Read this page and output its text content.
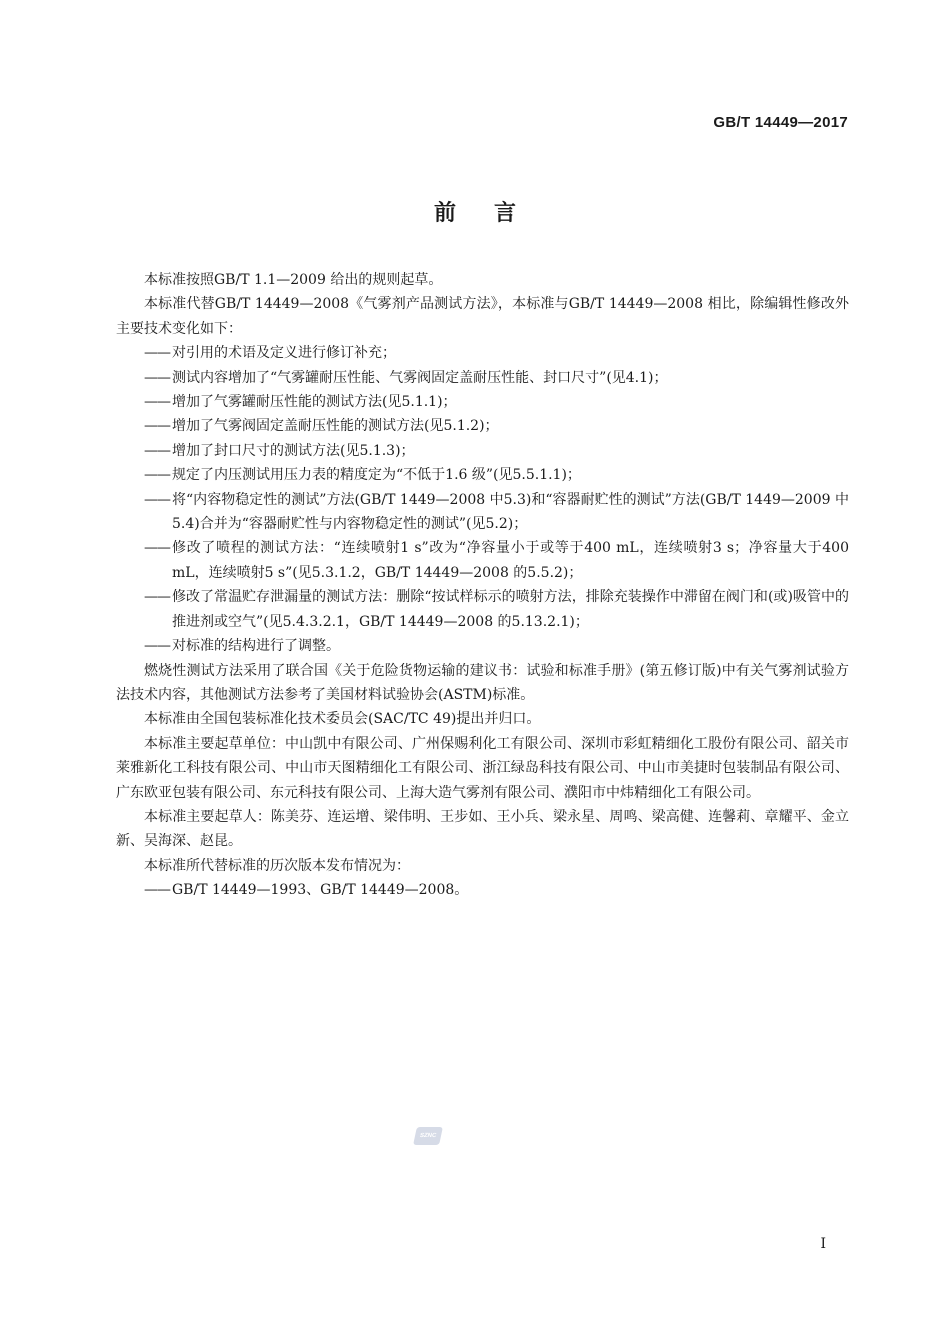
GB/T 14449—2017
前言

本标准按照GB/T 1.1—2009 给出的规则起草。

本标准代替GB/T 14449—2008《气雾剂产品测试方法》，本标准与GB/T 14449—2008 相比，除编辑性修改外主要技术变化如下：

—— 对引用的术语及定义进行修订补充；
—— 测试内容增加了“气雾罐耐压性能、气雾阀固定盖耐压性能、封口尺寸”(见4.1)；
—— 增加了气雾罐耐压性能的测试方法(见5.1.1)；
—— 增加了气雾阀固定盖耐压性能的测试方法(见5.1.2)；
—— 增加了封口尺寸的测试方法(见5.1.3)；
—— 规定了内压测试用压力表的精度定为“不低于1.6 级”(见5.5.1.1)；
—— 将“内容物稳定性的测试”方法(GB/T 1449—2008 中5.3)和“容器耐贮性的测试”方法(GB/T 1449—2009 中5.4)合并为“容器耐贮性与内容物稳定性的测试”(见5.2)；
—— 修改了喷程的测试方法：“连续喷射1 s”改为“净容量小于或等于400 mL，连续喷射3 s；净容量大于400 mL，连续喷射5 s”(见5.3.1.2，GB/T 14449—2008 的5.5.2)；
—— 修改了常温贮存泄漏量的测试方法：删除“按试样标示的喷射方法，排除充装操作中滞留在阀门和(或)吸管中的推进剂或空气”(见5.4.3.2.1，GB/T 14449—2008 的5.13.2.1)；
—— 对标准的结构进行了调整。

燃烧性测试方法采用了联合国《关于危险货物运输的建议书：试验和标准手册》(第五修订版)中有关气雾剂试验方法技术内容，其他测试方法参考了美国材料试验协会(ASTM)标准。

本标准由全国包装标准化技术委员会(SAC/TC 49)提出并归口。

本标准主要起草单位：中山凯中有限公司、广州保赐利化工有限公司、深圳市彩虹精细化工股份有限公司、韶关市莱雅新化工科技有限公司、中山市天图精细化工有限公司、浙江绿岛科技有限公司、中山市美捷时包装制品有限公司、广东欧亚包装有限公司、东元科技有限公司、上海大造气雾剂有限公司、濮阳市中炜精细化工有限公司。

本标准主要起草人：陈美芬、连运增、梁伟明、王步如、王小兵、梁永星、周鸣、梁高健、连馨莉、章耀平、金立新、吴海深、赵昆。

本标准所代替标准的历次版本发布情况为：

—— GB/T 14449—1993、GB/T 14449—2008。
SZNC
I
